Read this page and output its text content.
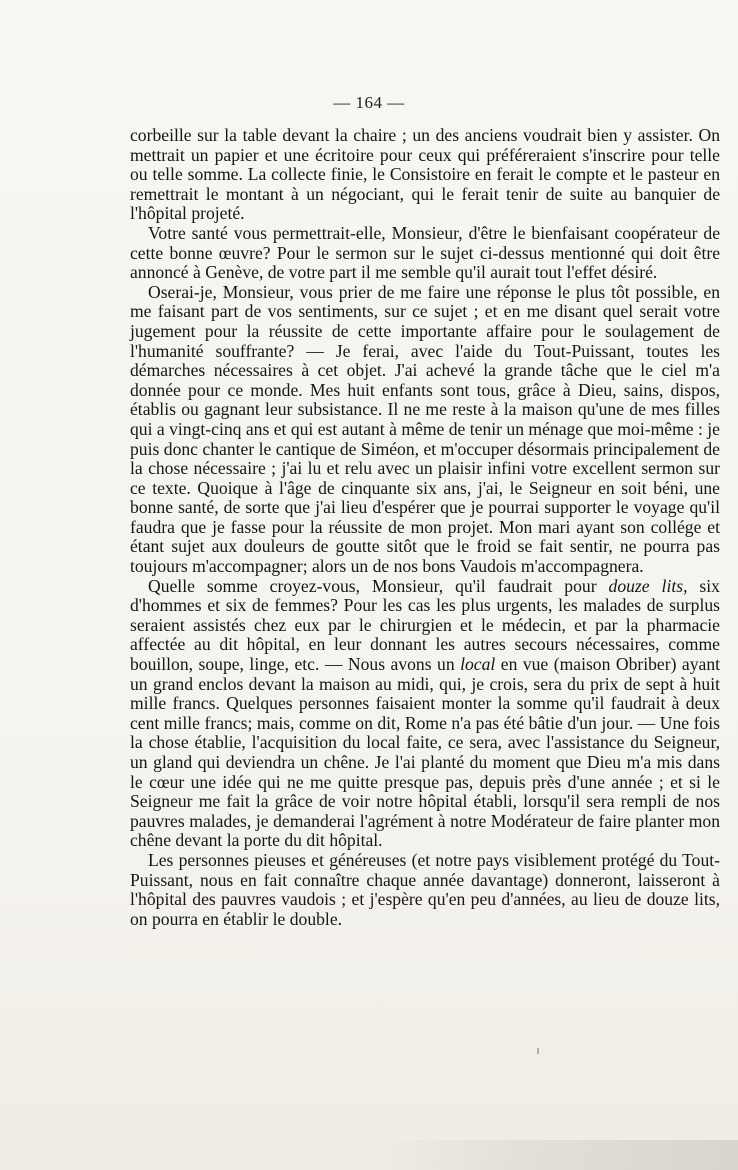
— 164 —

corbeille sur la table devant la chaire ; un des anciens voudrait bien y assister. On mettrait un papier et une écritoire pour ceux qui préféreraient s'inscrire pour telle ou telle somme. La collecte finie, le Consistoire en ferait le compte et le pasteur en remettrait le montant à un négociant, qui le ferait tenir de suite au banquier de l'hôpital projeté.

Votre santé vous permettrait-elle, Monsieur, d'être le bienfaisant coopérateur de cette bonne œuvre? Pour le sermon sur le sujet ci-dessus mentionné qui doit être annoncé à Genève, de votre part il me semble qu'il aurait tout l'effet désiré.

Oserai-je, Monsieur, vous prier de me faire une réponse le plus tôt possible, en me faisant part de vos sentiments, sur ce sujet ; et en me disant quel serait votre jugement pour la réussite de cette importante affaire pour le soulagement de l'humanité souffrante? — Je ferai, avec l'aide du Tout-Puissant, toutes les démarches nécessaires à cet objet. J'ai achevé la grande tâche que le ciel m'a donnée pour ce monde. Mes huit enfants sont tous, grâce à Dieu, sains, dispos, établis ou gagnant leur subsistance. Il ne me reste à la maison qu'une de mes filles qui a vingt-cinq ans et qui est autant à même de tenir un ménage que moi-même : je puis donc chanter le cantique de Siméon, et m'occuper désormais principalement de la chose nécessaire ; j'ai lu et relu avec un plaisir infini votre excellent sermon sur ce texte. Quoique à l'âge de cinquante six ans, j'ai, le Seigneur en soit béni, une bonne santé, de sorte que j'ai lieu d'espérer que je pourrai supporter le voyage qu'il faudra que je fasse pour la réussite de mon projet. Mon mari ayant son collége et étant sujet aux douleurs de goutte sitôt que le froid se fait sentir, ne pourra pas toujours m'accompagner; alors un de nos bons Vaudois m'accompagnera.

Quelle somme croyez-vous, Monsieur, qu'il faudrait pour douze lits, six d'hommes et six de femmes? Pour les cas les plus urgents, les malades de surplus seraient assistés chez eux par le chirurgien et le médecin, et par la pharmacie affectée au dit hôpital, en leur donnant les autres secours nécessaires, comme bouillon, soupe, linge, etc. — Nous avons un local en vue (maison Obriber) ayant un grand enclos devant la maison au midi, qui, je crois, sera du prix de sept à huit mille francs. Quelques personnes faisaient monter la somme qu'il faudrait à deux cent mille francs; mais, comme on dit, Rome n'a pas été bâtie d'un jour. — Une fois la chose établie, l'acquisition du local faite, ce sera, avec l'assistance du Seigneur, un gland qui deviendra un chêne. Je l'ai planté du moment que Dieu m'a mis dans le cœur une idée qui ne me quitte presque pas, depuis près d'une année ; et si le Seigneur me fait la grâce de voir notre hôpital établi, lorsqu'il sera rempli de nos pauvres malades, je demanderai l'agrément à notre Modérateur de faire planter mon chêne devant la porte du dit hôpital.

Les personnes pieuses et généreuses (et notre pays visiblement protégé du Tout-Puissant, nous en fait connaître chaque année davantage) donneront, laisseront à l'hôpital des pauvres vaudois ; et j'espère qu'en peu d'années, au lieu de douze lits, on pourra en établir le double.
